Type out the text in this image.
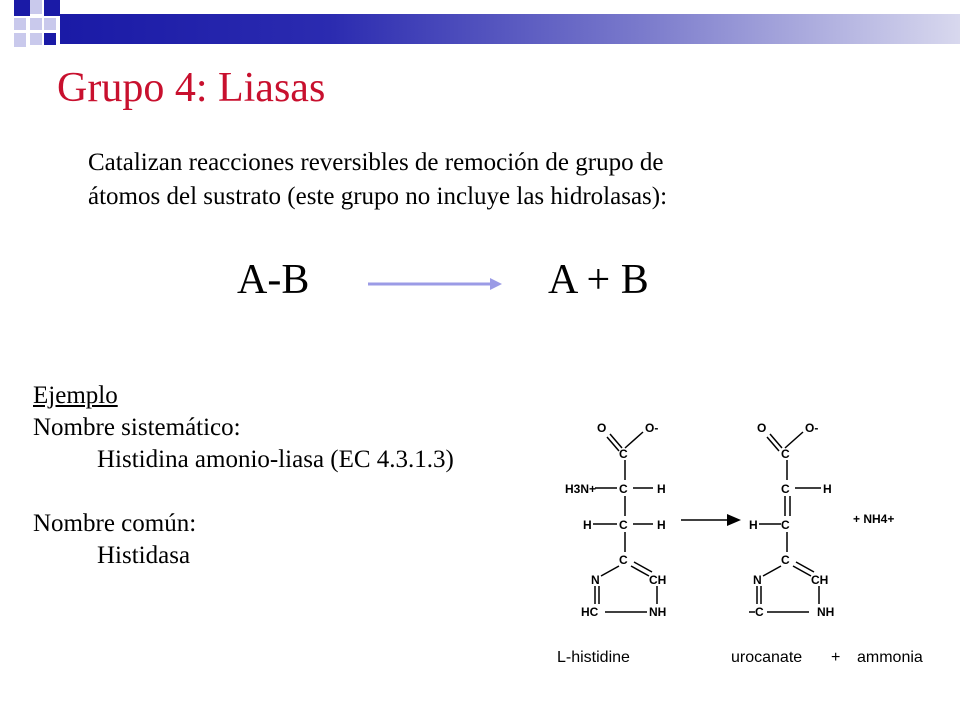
Grupo 4: Liasas
Catalizan reacciones reversibles de remoción de grupo de
átomos del sustrato (este grupo no incluye las hidrolasas):
A-B	A + B
Ejemplo
Nombre sistemático:
Histidina amonio-liasa (EC 4.3.1.3)
Nombre común:
Histidasa
O	O-
C
H3N+ C H
H C H
C
N	CH
HC	NH
O	O-
C
C	H
H C
C
N	CH
C	NH
+ NH4+
L-histidine	urocanate + ammonia
